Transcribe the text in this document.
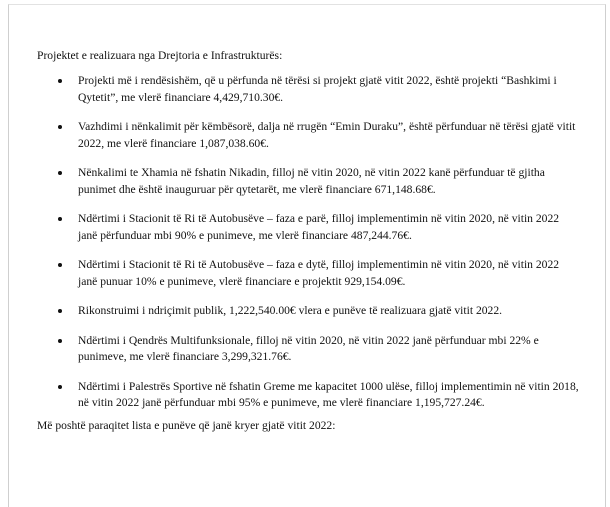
Projektet e realizuara nga Drejtoria e Infrastrukturës:

Projekti më i rendësishëm, që u përfunda në tërësi si projekt gjatë vitit 2022, është projekti “Bashkimi i Qytetit”, me vlerë financiare 4,429,710.30€.
Vazhdimi i nënkalimit për këmbësorë, dalja në rrugën “Emin Duraku”, është përfunduar në tërësi gjatë vitit 2022, me vlerë financiare 1,087,038.60€.
Nënkalimi te Xhamia në fshatin Nikadin, filloj në vitin 2020, në vitin 2022 kanë përfunduar të gjitha punimet dhe është inauguruar për qytetarët, me vlerë financiare 671,148.68€.
Ndërtimi i Stacionit të Ri të Autobusëve – faza e parë, filloj implementimin në vitin 2020, në vitin 2022 janë përfunduar mbi 90% e punimeve, me vlerë financiare 487,244.76€.
Ndërtimi i Stacionit të Ri të Autobusëve – faza e dytë, filloj implementimin në vitin 2020, në vitin 2022 janë punuar 10% e punimeve, vlerë financiare e projektit 929,154.09€.
Rikonstruimi i ndriçimit publik, 1,222,540.00€ vlera e punëve të realizuara gjatë vitit 2022.
Ndërtimi i Qendrës Multifunksionale, filloj në vitin 2020, në vitin 2022 janë përfunduar mbi 22% e punimeve, me vlerë financiare 3,299,321.76€.
Ndërtimi i Palestrës Sportive në fshatin Greme me kapacitet 1000 ulëse, filloj implementimin në vitin 2018, në vitin 2022 janë përfunduar mbi 95% e punimeve, me vlerë financiare 1,195,727.24€.

Më poshtë paraqitet lista e punëve që janë kryer gjatë vitit 2022:
